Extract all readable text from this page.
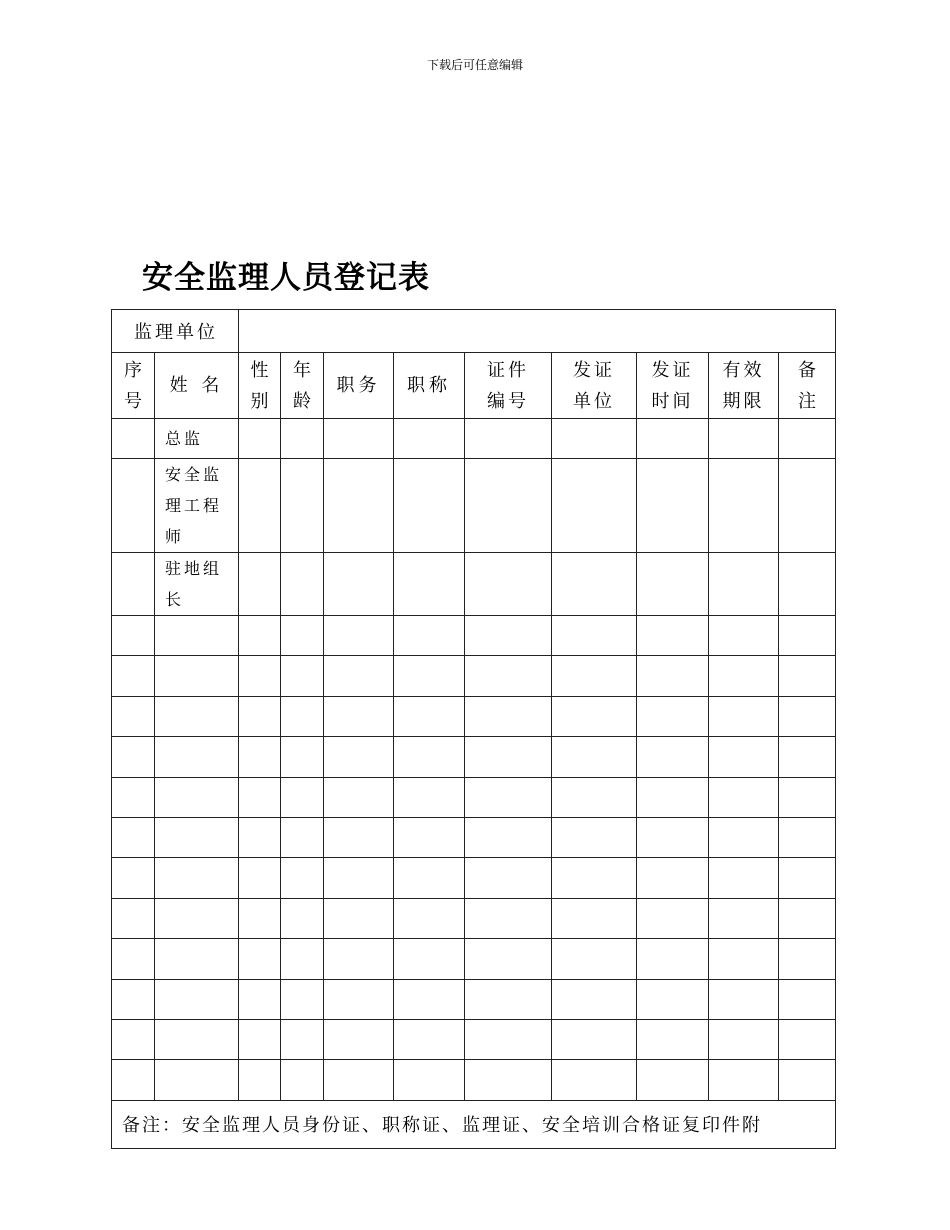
下载后可任意编辑
安全监理人员登记表
监理单位										

序号	姓 名	性别	年龄	职务	职称	证件编号	发证单位	发证时间	有效期限	备注

	总监									

	安全监理工程师									

	驻地组长									

备注：安全监理人员身份证、职称证、监理证、安全培训合格证复印件附										
